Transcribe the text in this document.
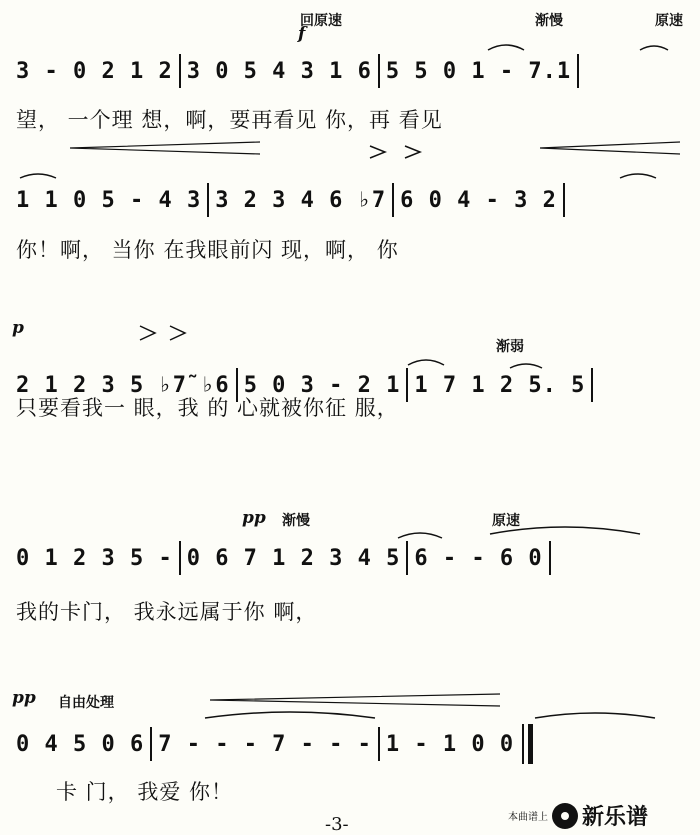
回原速	渐慢	原速
f
3 - 0 2 1 2 3 0 5 4 3 1 6 5 5 0 1 - 7.1
望， 一个理 想，啊，要再看见 你，再 看见
1 1 0 5 - 4 3 3 2 3 4 6 ♭7 6 0 4 - 3 2
你！啊， 当你 在我眼前闪 现，啊， 你
p
渐弱
2 1 2 3 5 ♭7̃ ♭6 5 0 3 - 2 1 1 7 1 2 5. 5
只要看我一 眼，我 的 心就被你征 服，
pp 渐慢	原速
0 1 2 3 5 - 0 6 7 1 2 3 4 5 6 - - 6 0
我的卡门， 我永远属于你 啊，
pp 自由处理
0 4 5 0 6 7 - - - 7 - - - 1 - 1 0 0
卡 门， 我爱 你！
-3-	本曲谱上 新乐谱
